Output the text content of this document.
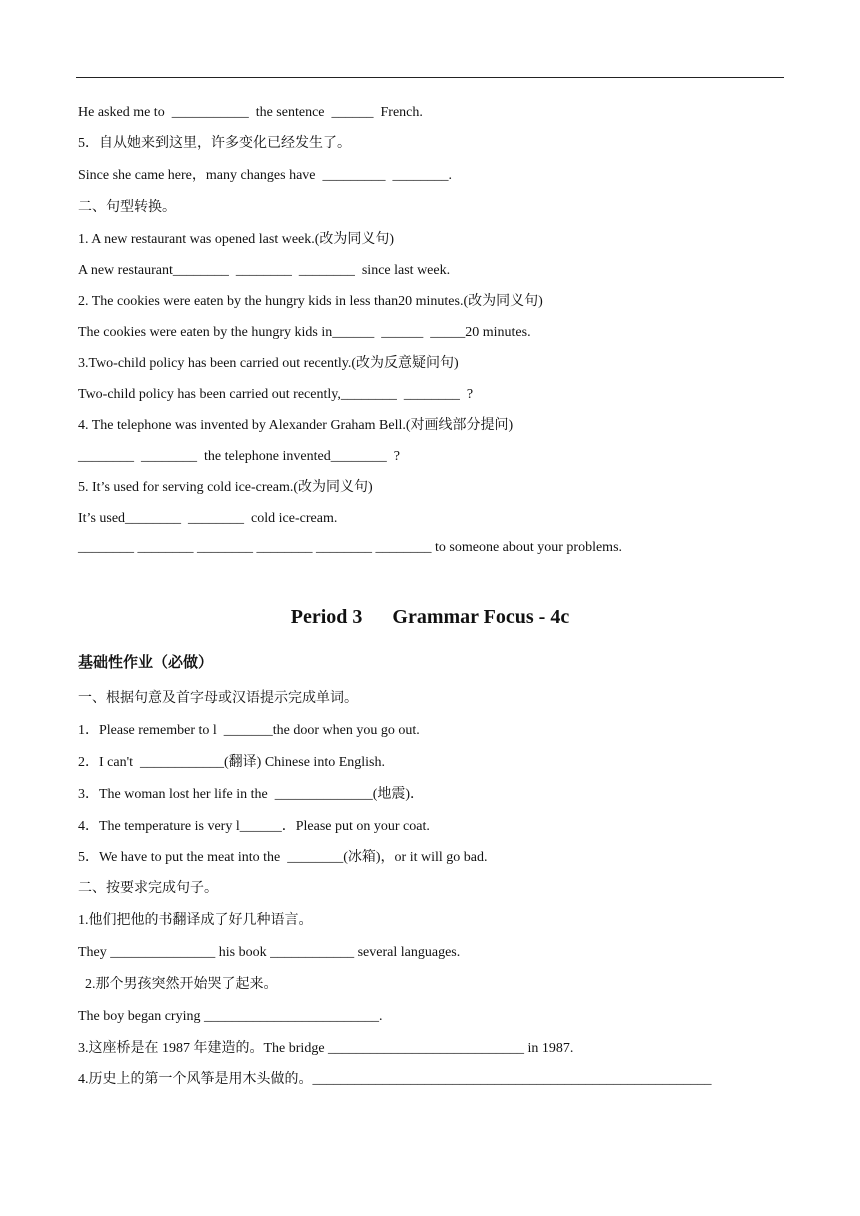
He asked me to  ___________  the sentence  ______  French.
5．自从她来到这里，许多变化已经发生了。
Since she came here，many changes have  _________  ________.
二、句型转换。
1. A new restaurant was opened last week.(改为同义句)
A new restaurant________  ________  ________  since last week.
2. The cookies were eaten by the hungry kids in less than20 minutes.(改为同义句)
The cookies were eaten by the hungry kids in______  ______  _____20 minutes.
3.Two-child policy has been carried out recently.(改为反意疑问句)
Two-child policy has been carried out recently,________  ________  ?
4. The telephone was invented by Alexander Graham Bell.(对画线部分提问)
________  ________  the telephone invented________  ?
5. It’s used for serving cold ice-cream.(改为同义句)
It’s used________  ________  cold ice-cream.
________ ________ ________ ________ ________ ________ to someone about your problems.
Period 3      Grammar Focus - 4c
基础性作业（必做）
一、根据句意及首字母或汉语提示完成单词。
1．Please remember to l  _______the door when you go out.
2．I can't  ____________(翻译) Chinese into English.
3．The woman lost her life in the  ______________(地震)．
4．The temperature is very l______．Please put on your coat.
5．We have to put the meat into the  ________(冰箱)，or it will go bad.
二、按要求完成句子。
1.他们把他的书翻译成了好几种语言。
They _______________ his book ____________ several languages.
2.那个男孩突然开始哭了起来。
The boy began crying _________________________.
3.这座桥是在 1987 年建造的。The bridge ____________________________ in 1987.
4.历史上的第一个风筝是用木头做的。_________________________________________________________
